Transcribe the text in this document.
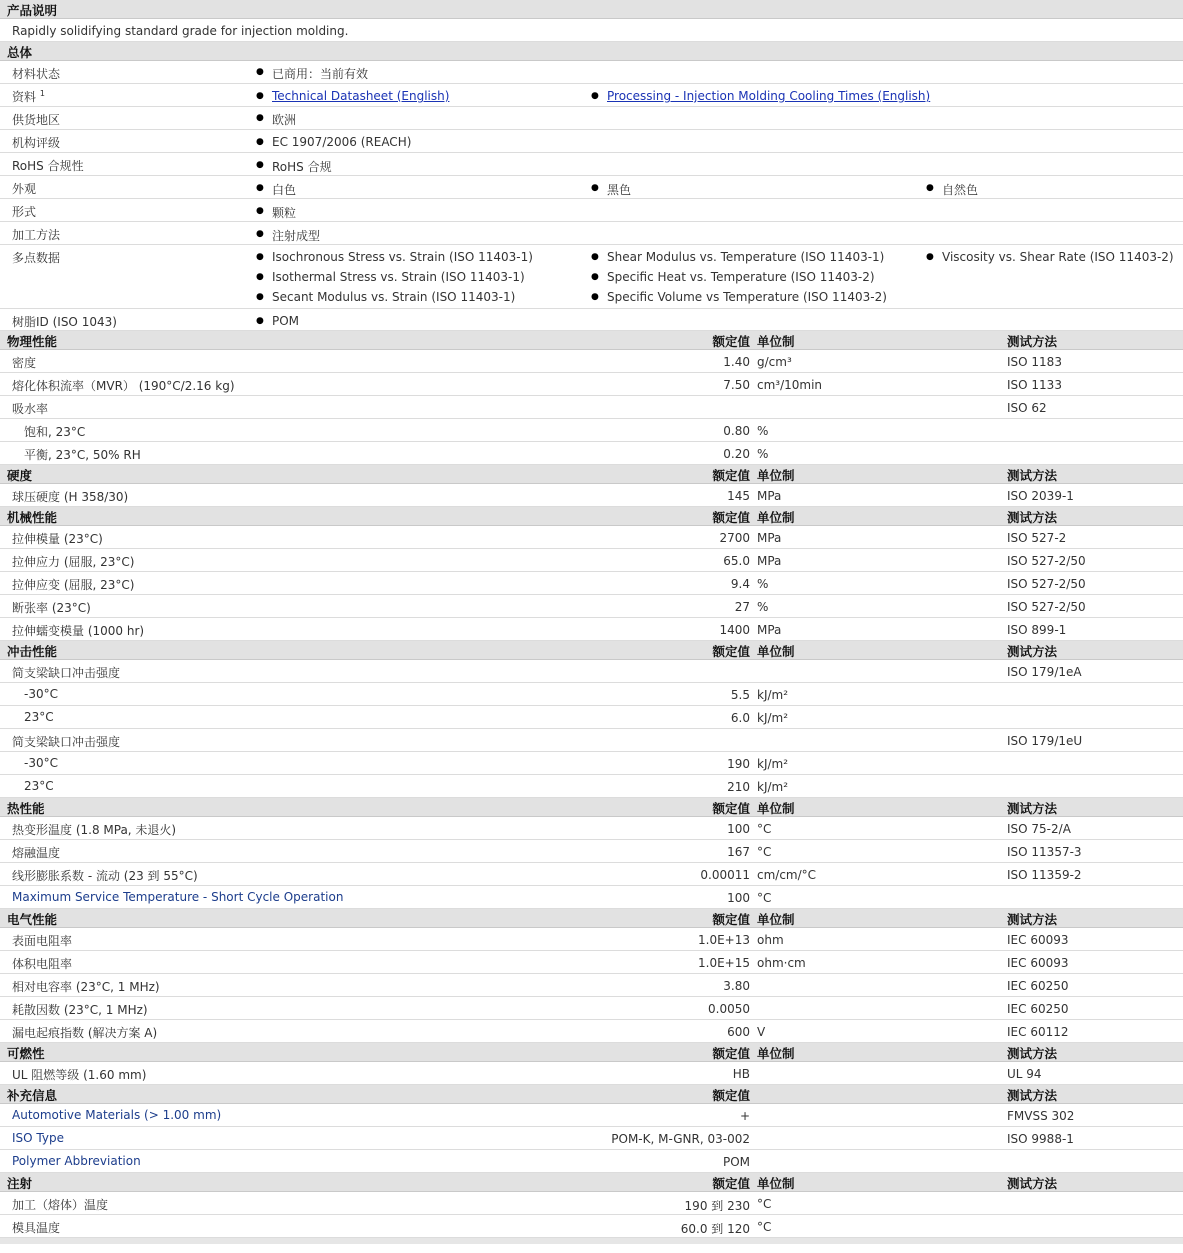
产品说明
Rapidly solidifying standard grade for injection molding.
总体
材料状态	● 已商用：当前有效
资料 $^1$	● Technical Datasheet (English)	● Processing - Injection Molding Cooling Times (English)
供货地区	● 欧洲
机构评级	● EC 1907/2006 (REACH)
RoHS 合规性	● RoHS 合规
外观	● 白色	● 黑色	● 自然色
形式	● 颗粒
加工方法	● 注射成型
多点数据	● Isochronous Stress vs. Strain (ISO 11403-1)	● Shear Modulus vs. Temperature (ISO 11403-1)	● Viscosity vs. Shear Rate (ISO 11403-2)
● Isothermal Stress vs. Strain (ISO 11403-1)	● Specific Heat vs. Temperature (ISO 11403-2)
● Secant Modulus vs. Strain (ISO 11403-1)	● Specific Volume vs Temperature (ISO 11403-2)
树脂ID (ISO 1043)	● POM
物理性能	额定值 单位制	测试方法
密度	1.40 g/cm³	ISO 1183
熔化体积流率（MVR） (190°C/2.16 kg)	7.50 cm³/10min	ISO 1133
吸水率	ISO 62
饱和, 23°C	0.80 %
平衡, 23°C, 50% RH	0.20 %
硬度	额定值 单位制	测试方法
球压硬度 (H 358/30)	145 MPa	ISO 2039-1
机械性能	额定值 单位制	测试方法
拉伸模量 (23°C)	2700 MPa	ISO 527-2
拉伸应力 (屈服, 23°C)	65.0 MPa	ISO 527-2/50
拉伸应变 (屈服, 23°C)	9.4 %	ISO 527-2/50
断张率 (23°C)	27 %	ISO 527-2/50
拉伸蠕变模量 (1000 hr)	1400 MPa	ISO 899-1
冲击性能	额定值 单位制	测试方法
简支梁缺口冲击强度	ISO 179/1eA
-30°C	5.5 kJ/m²
23°C	6.0 kJ/m²
简支梁缺口冲击强度	ISO 179/1eU
-30°C	190 kJ/m²
23°C	210 kJ/m²
热性能	额定值 单位制	测试方法
热变形温度 (1.8 MPa, 未退火)	100 °C	ISO 75-2/A
熔融温度	167 °C	ISO 11357-3
线形膨胀系数 - 流动 (23 到 55°C)	0.00011 cm/cm/°C	ISO 11359-2
Maximum Service Temperature - Short Cycle Operation	100 °C
电气性能	额定值 单位制	测试方法
表面电阻率	1.0E+13 ohm	IEC 60093
体积电阻率	1.0E+15 ohm·cm	IEC 60093
相对电容率 (23°C, 1 MHz)	3.80	IEC 60250
耗散因数 (23°C, 1 MHz)	0.0050	IEC 60250
漏电起痕指数 (解决方案 A)	600 V	IEC 60112
可燃性	额定值 单位制	测试方法
UL 阻燃等级 (1.60 mm)	HB	UL 94
补充信息	额定值	测试方法
Automotive Materials (> 1.00 mm)	+	FMVSS 302
ISO Type	POM-K, M-GNR, 03-002	ISO 9988-1
Polymer Abbreviation	POM
注射	额定值 单位制	测试方法
加工（熔体）温度	190 到 230 °C
模具温度	60.0 到 120 °C
